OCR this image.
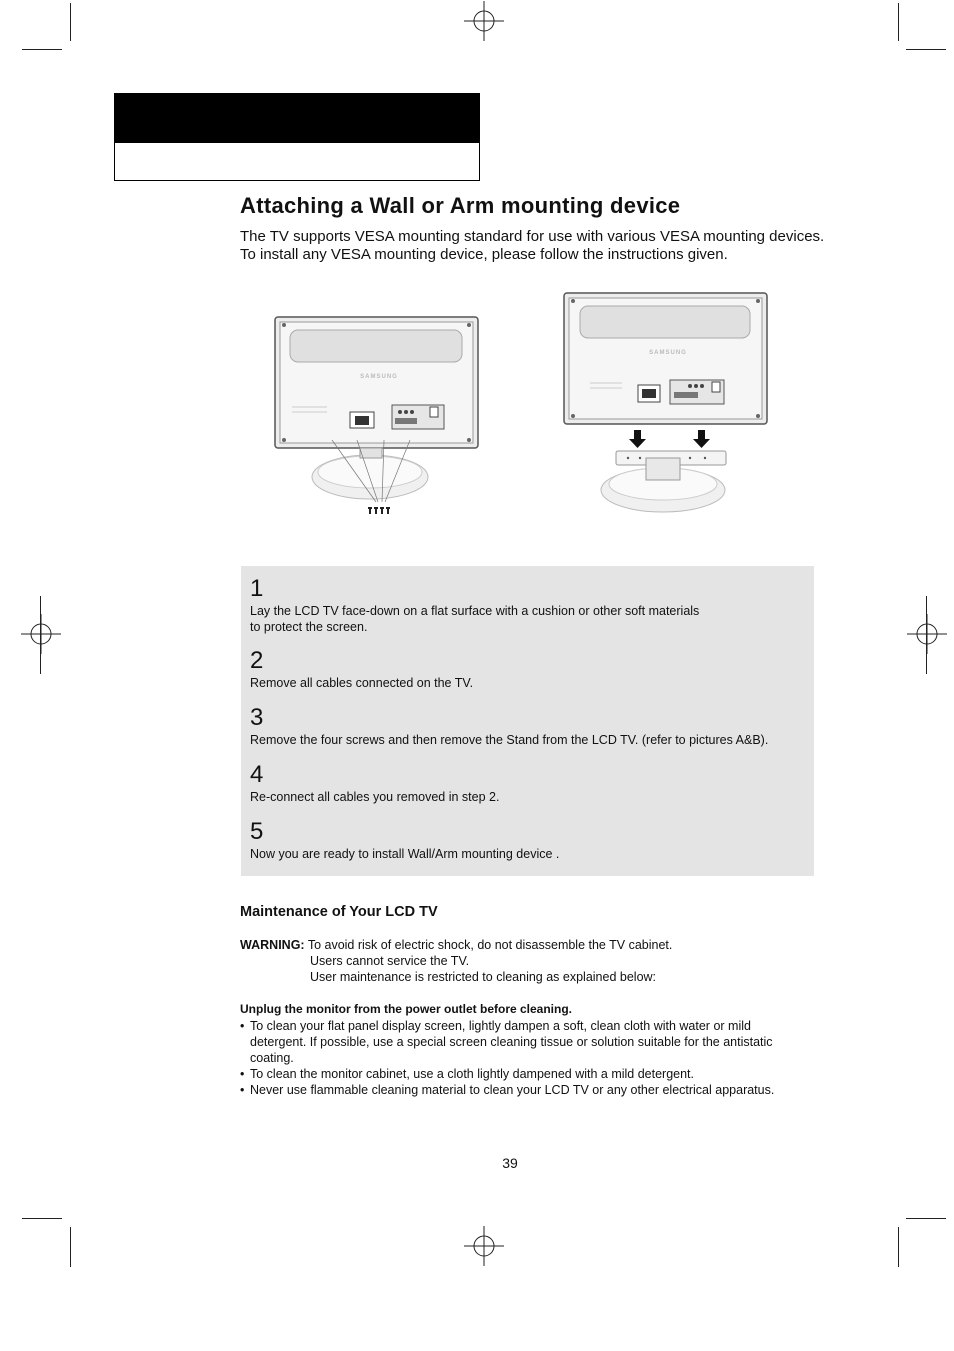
Attaching a Wall or Arm mounting device
The TV supports VESA mounting standard for use with various VESA mounting devices. To install any VESA mounting device, please follow the instructions given.
SAMSUNG
SAMSUNG
1
Lay the LCD TV face-down on a flat surface with a cushion or other soft materials
to protect the screen.
2
Remove all cables connected on the TV.
3
Remove the four screws and then remove the Stand from the LCD TV. (refer to pictures A&B).
4
Re-connect all cables you removed in step 2.
5
Now you are ready to install Wall/Arm mounting device .
Maintenance of Your LCD TV
WARNING: To avoid risk of electric shock, do not disassemble the TV cabinet.
Users cannot service the TV.
User maintenance is restricted to cleaning as explained below:
Unplug the monitor from the power outlet before cleaning.
• To clean your flat panel display screen, lightly dampen a soft, clean cloth with water or mild detergent. If possible, use a special screen cleaning tissue or solution suitable for the antistatic coating.
• To clean the monitor cabinet, use a cloth lightly dampened with a mild detergent.
• Never use flammable cleaning material to clean your LCD TV or any other electrical apparatus.
39
